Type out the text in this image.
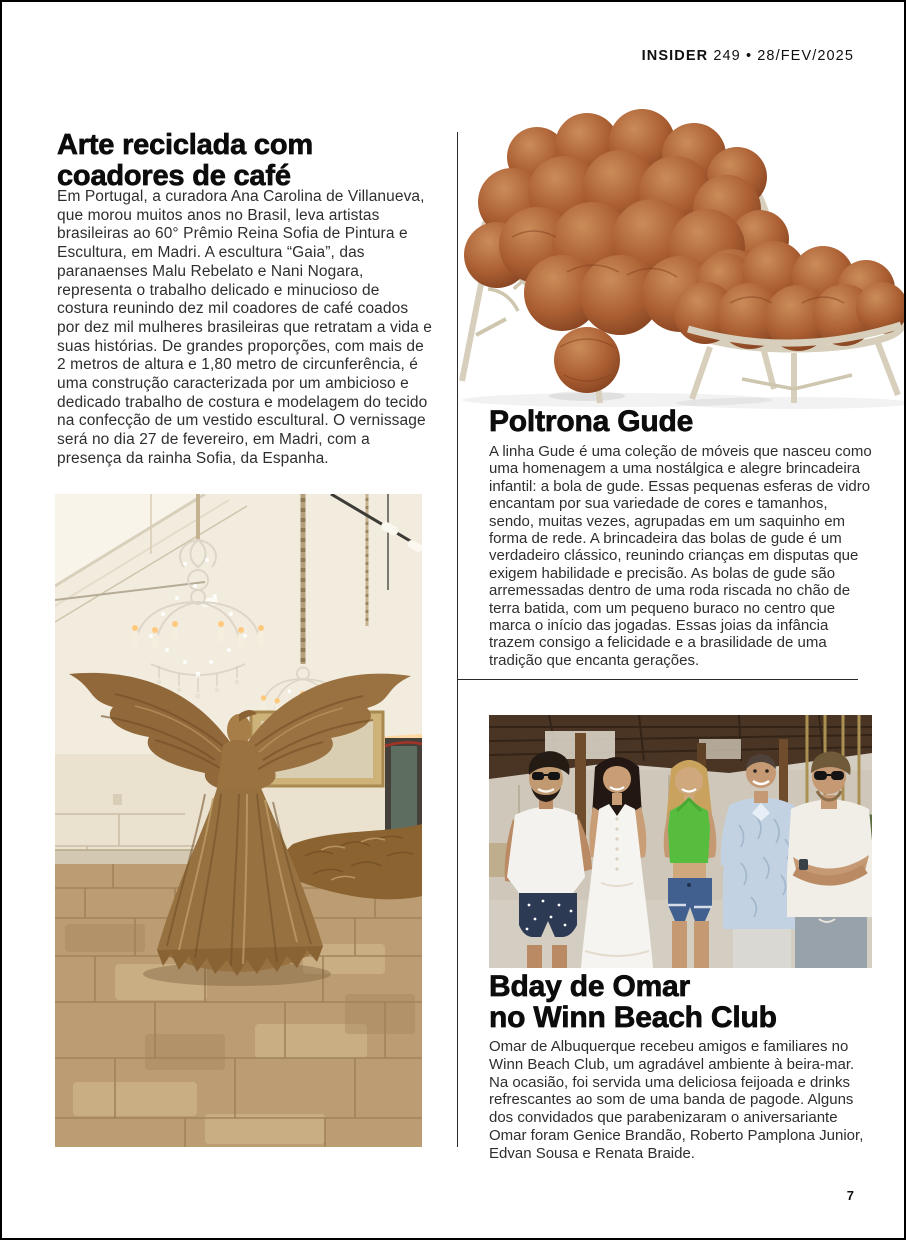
INSIDER 249 • 28/FEV/2025
Arte reciclada com
coadores de café

Em Portugal, a curadora Ana Carolina de Villanueva, que morou muitos anos no Brasil, leva artistas brasileiras ao 60° Prêmio Reina Sofia de Pintura e Escultura, em Madri. A escultura “Gaia”, das paranaenses Malu Rebelato e Nani Nogara, representa o trabalho delicado e minucioso de costura reunindo dez mil coadores de café coados por dez mil mulheres brasileiras que retratam a vida e suas histórias. De grandes proporções, com mais de 2 metros de altura e 1,80 metro de circunferência, é uma construção caracterizada por um ambicioso e dedicado trabalho de costura e modelagem do tecido na confecção de um vestido escultural. O vernissage será no dia 27 de fevereiro, em Madri, com a presença da rainha Sofia, da Espanha.

Poltrona Gude

A linha Gude é uma coleção de móveis que nasceu como uma homenagem a uma nostálgica e alegre brincadeira infantil: a bola de gude. Essas pequenas esferas de vidro encantam por sua variedade de cores e tamanhos, sendo, muitas vezes, agrupadas em um saquinho em forma de rede. A brincadeira das bolas de gude é um verdadeiro clássico, reunindo crianças em disputas que exigem habilidade e precisão. As bolas de gude são arremessadas dentro de uma roda riscada no chão de terra batida, com um pequeno buraco no centro que marca o início das jogadas. Essas joias da infância trazem consigo a felicidade e a brasilidade de uma tradição que encanta gerações.

Bday de Omar
no Winn Beach Club

Omar de Albuquerque recebeu amigos e familiares no Winn Beach Club, um agradável ambiente à beira-mar. Na ocasião, foi servida uma deliciosa feijoada e drinks refrescantes ao som de uma banda de pagode. Alguns dos convidados que parabenizaram o aniversariante Omar foram Genice Brandão, Roberto Pamplona Junior, Edvan Sousa e Renata Braide.

7
